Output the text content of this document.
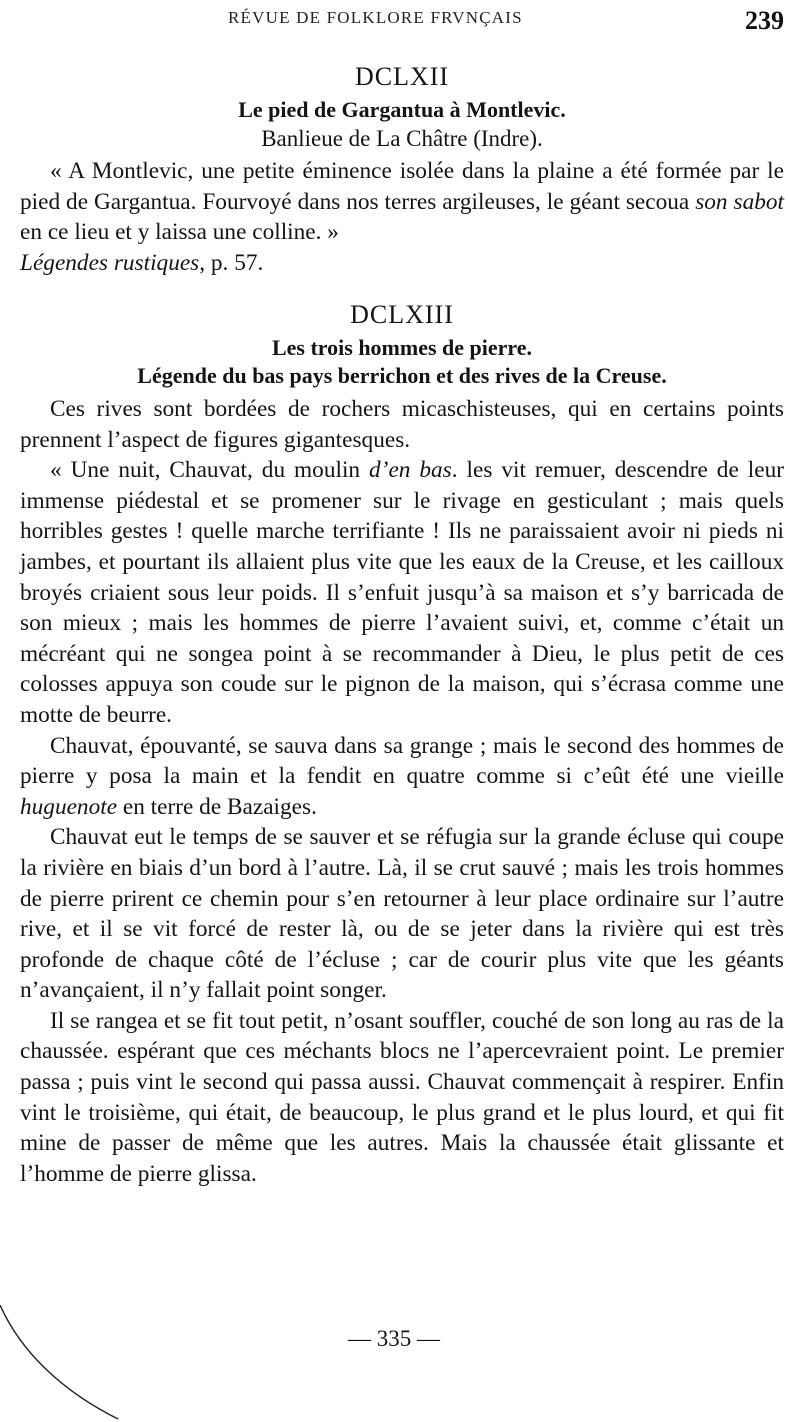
RÉVUE DE FOLKLORE FRVNÇAIS	239
DCLXII
Le pied de Gargantua à Montlevic.
Banlieue de La Châtre (Indre).

« A Montlevic, une petite éminence isolée dans la plaine a été formée par le pied de Gargantua. Fourvoyé dans nos terres argileuses, le géant secoua son sabot en ce lieu et y laissa une colline. »
Légendes rustiques, p. 57.

DCLXIII
Les trois hommes de pierre.
Légende du bas pays berrichon et des rives de la Creuse.

Ces rives sont bordées de rochers micaschisteuses, qui en certains points prennent l’aspect de figures gigantesques.

« Une nuit, Chauvat, du moulin d’en bas. les vit remuer, descendre de leur immense piédestal et se promener sur le rivage en gesticulant ; mais quels horribles gestes ! quelle marche terrifiante ! Ils ne paraissaient avoir ni pieds ni jambes, et pourtant ils allaient plus vite que les eaux de la Creuse, et les cailloux broyés criaient sous leur poids. Il s’enfuit jusqu’à sa maison et s’y barricada de son mieux ; mais les hommes de pierre l’avaient suivi, et, comme c’était un mécréant qui ne songea point à se recommander à Dieu, le plus petit de ces colosses appuya son coude sur le pignon de la maison, qui s’écrasa comme une motte de beurre.

Chauvat, épouvanté, se sauva dans sa grange ; mais le second des hommes de pierre y posa la main et la fendit en quatre comme si c’eût été une vieille huguenote en terre de Bazaiges.

Chauvat eut le temps de se sauver et se réfugia sur la grande écluse qui coupe la rivière en biais d’un bord à l’autre. Là, il se crut sauvé ; mais les trois hommes de pierre prirent ce chemin pour s’en retourner à leur place ordinaire sur l’autre rive, et il se vit forcé de rester là, ou de se jeter dans la rivière qui est très profonde de chaque côté de l’écluse ; car de courir plus vite que les géants n’avançaient, il n’y fallait point songer.

Il se rangea et se fit tout petit, n’osant souffler, couché de son long au ras de la chaussée. espérant que ces méchants blocs ne l’apercevraient point. Le premier passa ; puis vint le second qui passa aussi. Chauvat commençait à respirer. Enfin vint le troisième, qui était, de beaucoup, le plus grand et le plus lourd, et qui fit mine de passer de même que les autres. Mais la chaussée était glissante et l’homme de pierre glissa.

— 335 —
